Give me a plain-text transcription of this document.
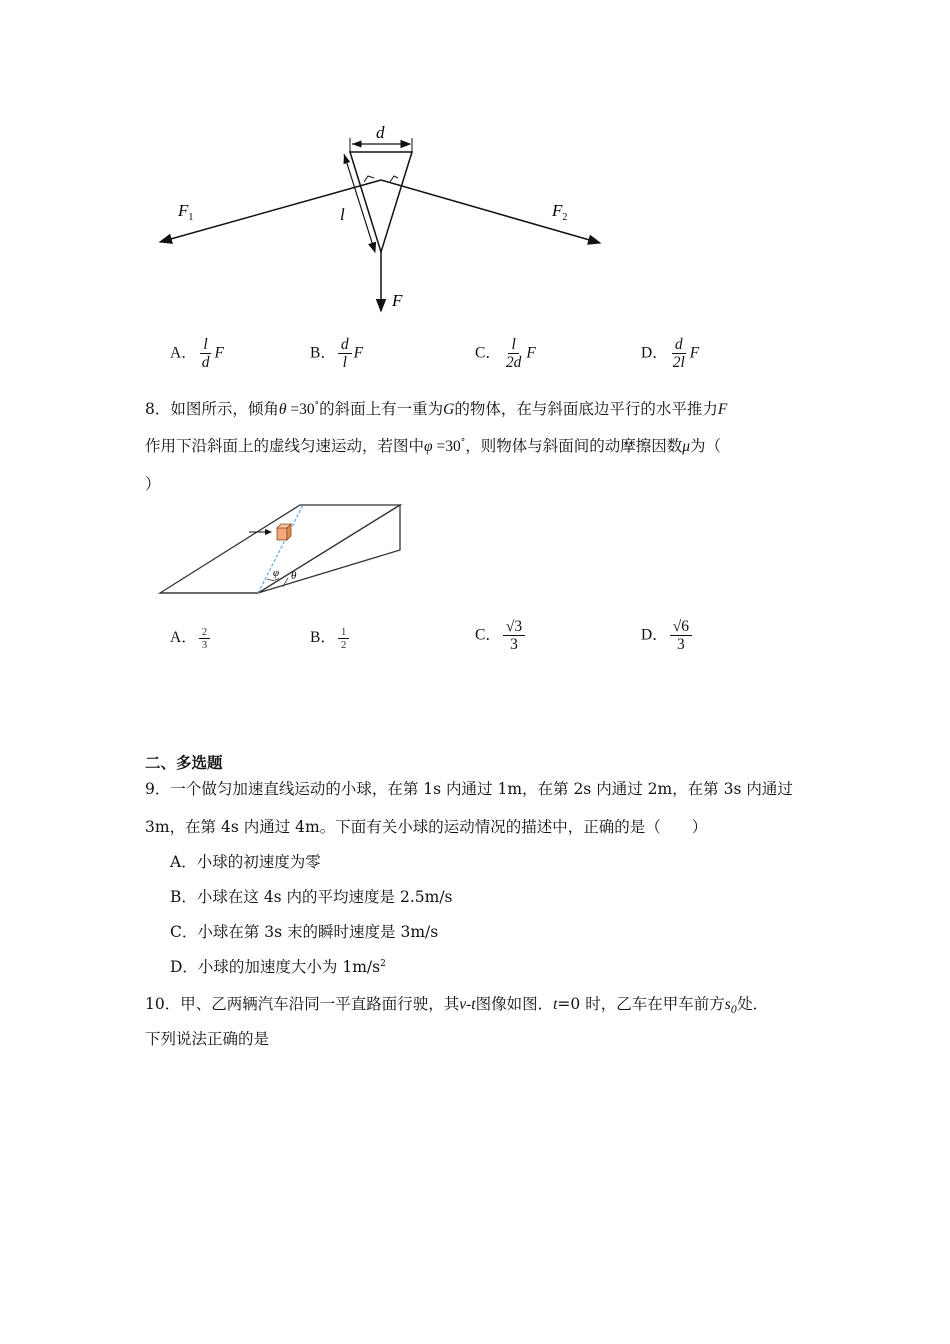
d
l
$F_1$	$F_2$
F
A． $\frac{l}{d}$ F	B． $\frac{d}{l}$ F	C． $\frac{l}{2d}$ F	D． $\frac{d}{2l}$ F
8．如图所示，倾角θ =30°的斜面上有一重为G的物体，在与斜面底边平行的水平推力F
作用下沿斜面上的虚线匀速运动，若图中φ =30°，则物体与斜面间的动摩擦因数μ为（
）
φ θ
A． $\frac{2}{3}$	B． $\frac{1}{2}$	C． $\frac{√3}{3}$	D． $\frac{√6}{3}$
二、多选题
9．一个做匀加速直线运动的小球，在第 1s 内通过 1m，在第 2s 内通过 2m，在第 3s 内通过
3m，在第 4s 内通过 4m。下面有关小球的运动情况的描述中，正确的是（　　）
A．小球的初速度为零
B．小球在这 4s 内的平均速度是 2.5m/s
C．小球在第 3s 末的瞬时速度是 3m/s
D．小球的加速度大小为 $1m/s^2$
10．甲、乙两辆汽车沿同一平直路面行驶，其v-t图像如图．t=0 时，乙车在甲车前方$s_0$处．
下列说法正确的是
